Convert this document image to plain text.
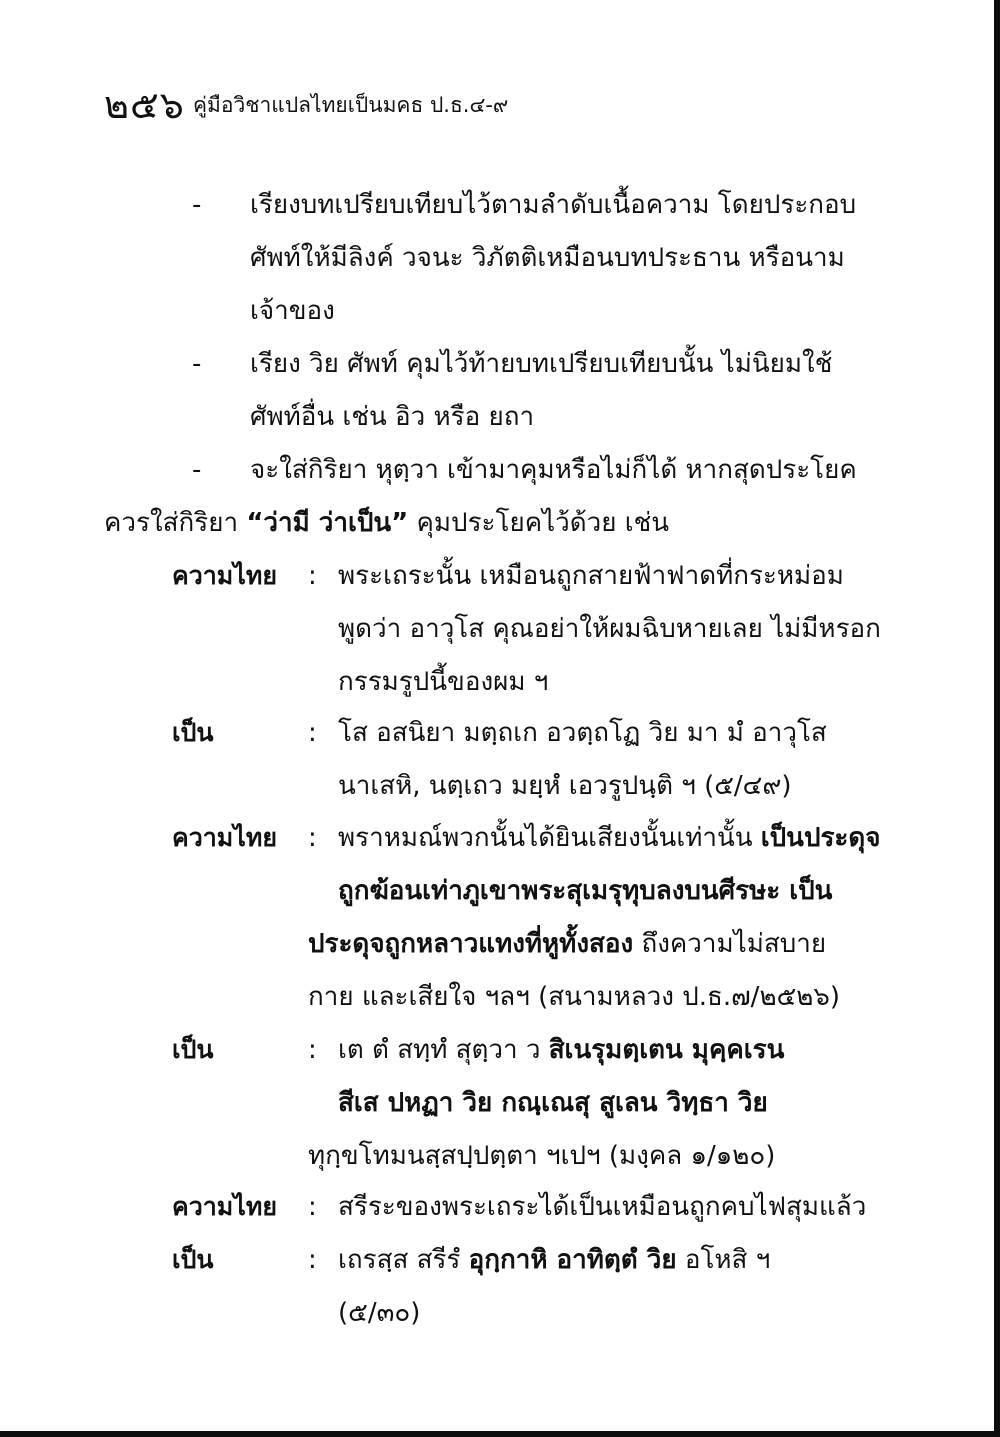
๒๕๖ คู่มือวิชาแปลไทยเป็นมคธ ป.ธ.๔-๙
- เรียงบทเปรียบเทียบไว้ตามลำดับเนื้อความ โดยประกอบ
ศัพท์ให้มีลิงค์ วจนะ วิภัตติเหมือนบทประธาน หรือนาม
เจ้าของ
- เรียง วิย ศัพท์ คุมไว้ท้ายบทเปรียบเทียบนั้น ไม่นิยมใช้
ศัพท์อื่น เช่น อิว หรือ ยถา
- จะใส่กิริยา หุตฺวา เข้ามาคุมหรือไม่ก็ได้ หากสุดประโยค
ควรใส่กิริยา “ว่ามี ว่าเป็น” คุมประโยคไว้ด้วย เช่น
ความไทย : พระเถระนั้น เหมือนถูกสายฟ้าฟาดที่กระหม่อม
พูดว่า อาวุโส คุณอย่าให้ผมฉิบหายเลย ไม่มีหรอก
กรรมรูปนี้ของผม ฯ
เป็น	: โส อสนิยา มตฺถเก อวตฺถโฏ วิย มา มํ อาวุโส
นาเสหิ, นตฺเถว มยฺหํ เอวรูปนฺติ ฯ (๕/๔๙)
ความไทย : พราหมณ์พวกนั้นได้ยินเสียงนั้นเท่านั้น เป็นประดุจ
ถูกฆ้อนเท่าภูเขาพระสุเมรุทุบลงบนศีรษะ เป็น
ประดุจถูกหลาวแทงที่หูทั้งสอง ถึงความไม่สบาย
กาย และเสียใจ ฯลฯ (สนามหลวง ป.ธ.๗/๒๕๒๖)
เป็น	: เต ตํ สทฺทํ สุตฺวา ว สิเนรุมตฺเตน มุคฺคเรน
สีเส ปหฏา วิย กณฺเณสุ สูเลน วิทฺธา วิย
ทุกฺขโทมนสฺสปฺปตฺตา ฯเปฯ (มงฺคล ๑/๑๒๐)
ความไทย : สรีระของพระเถระได้เป็นเหมือนถูกคบไฟสุมแล้ว
เป็น	: เถรสฺส สรีรํ อุกฺกาหิ อาทิตฺตํ วิย อโหสิ ฯ
(๕/๓๐)
